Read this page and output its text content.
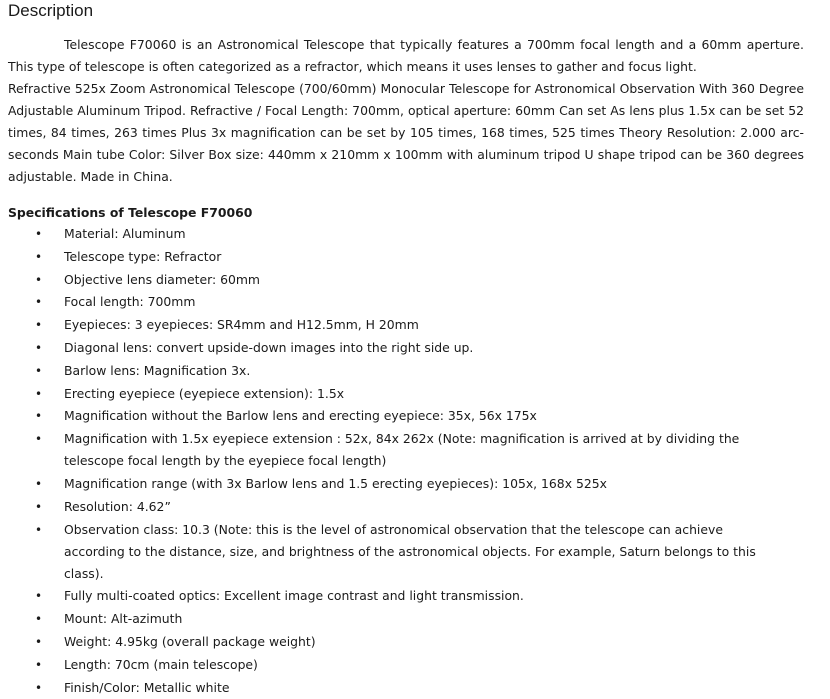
Description

Telescope F70060 is an Astronomical Telescope that typically features a 700mm focal length and a 60mm aperture. This type of telescope is often categorized as a refractor, which means it uses lenses to gather and focus light.
Refractive 525x Zoom Astronomical Telescope (700/60mm) Monocular Telescope for Astronomical Observation With 360 Degree Adjustable Aluminum Tripod. Refractive / Focal Length: 700mm, optical aperture: 60mm Can set As lens plus 1.5x can be set 52 times, 84 times, 263 times Plus 3x magnification can be set by 105 times, 168 times, 525 times Theory Resolution: 2.000 arc-seconds Main tube Color: Silver Box size: 440mm x 210mm x 100mm with aluminum tripod U shape tripod can be 360 degrees adjustable. Made in China.

Specifications of Telescope F70060
• Material: Aluminum
• Telescope type: Refractor
• Objective lens diameter: 60mm
• Focal length: 700mm
• Eyepieces: 3 eyepieces: SR4mm and H12.5mm, H 20mm
• Diagonal lens: convert upside-down images into the right side up.
• Barlow lens: Magnification 3x.
• Erecting eyepiece (eyepiece extension): 1.5x
• Magnification without the Barlow lens and erecting eyepiece: 35x, 56x 175x
• Magnification with 1.5x eyepiece extension : 52x, 84x 262x (Note: magnification is arrived at by dividing the telescope focal length by the eyepiece focal length)
• Magnification range (with 3x Barlow lens and 1.5 erecting eyepieces): 105x, 168x 525x
• Resolution: 4.62”
• Observation class: 10.3 (Note: this is the level of astronomical observation that the telescope can achieve according to the distance, size, and brightness of the astronomical objects. For example, Saturn belongs to this class).
• Fully multi-coated optics: Excellent image contrast and light transmission.
• Mount: Alt-azimuth
• Weight: 4.95kg (overall package weight)
• Length: 70cm (main telescope)
• Finish/Color: Metallic white
